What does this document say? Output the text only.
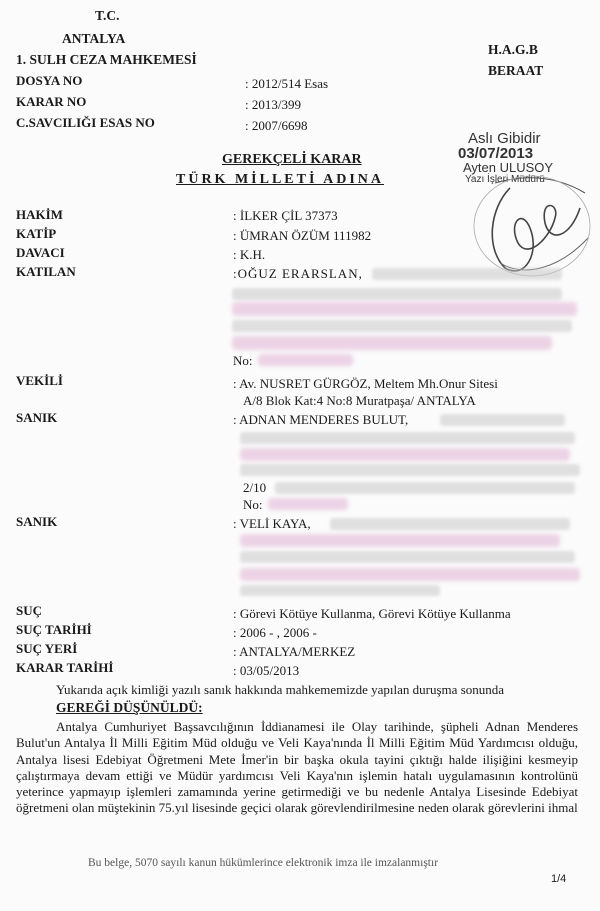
T.C.
ANTALYA
1. SULH CEZA MAHKEMESİ
H.A.G.B
BERAAT
DOSYA NO	: 2012/514 Esas
KARAR NO	: 2013/399
C.SAVCILIĞI ESAS NO	: 2007/6698
Aslı Gibidir
03/07/2013
Ayten ULUSOY
Yazı İşleri Müdürü
GEREKÇELİ KARAR
TÜRK MİLLETİ ADINA
HAKİM	: İLKER ÇİL 37373
KATİP	: ÜMRAN ÖZÜM 111982
DAVACI	: K.H.
KATILAN	:OĞUZ ERARSLAN,
No:
VEKİLİ	: Av. NUSRET GÜRGÖZ, Meltem Mh.Onur Sitesi
A/8 Blok Kat:4 No:8 Muratpaşa/ ANTALYA
SANIK	: ADNAN MENDERES BULUT,
2/10
No:
SANIK	: VELİ KAYA,
SUÇ	: Görevi Kötüye Kullanma, Görevi Kötüye Kullanma
SUÇ TARİHİ	: 2006 - , 2006 -
SUÇ YERİ	: ANTALYA/MERKEZ
KARAR TARİHİ	: 03/05/2013
Yukarıda açık kimliği yazılı sanık hakkında mahkememizde yapılan duruşma sonunda
GEREĞİ DÜŞÜNÜLDÜ:

Antalya Cumhuriyet Başsavcılığının İddianamesi ile Olay tarihinde, şüpheli Adnan Menderes Bulut'un Antalya İl Milli Eğitim Müd olduğu ve Veli Kaya'nında İl Milli Eğitim Müd Yardımcısı olduğu, Antalya lisesi Edebiyat Öğretmeni Mete İmer'in bir başka okula tayini çıktığı halde ilişiğini kesmeyip çalıştırmaya devam ettiği ve Müdür yardımcısı Veli Kaya'nın işlemin hatalı uygulamasının kontrolünü yeterince yapmayıp işlemleri zamamında yerine getirmediği ve bu nedenle Antalya Lisesinde Edebiyat öğretmeni olan müştekinin 75.yıl lisesinde geçici olarak görevlendirilmesine neden olarak görevlerini ihmal

Bu belge, 5070 sayılı kanun hükümlerince elektronik imza ile imzalanmıştır
1/4
